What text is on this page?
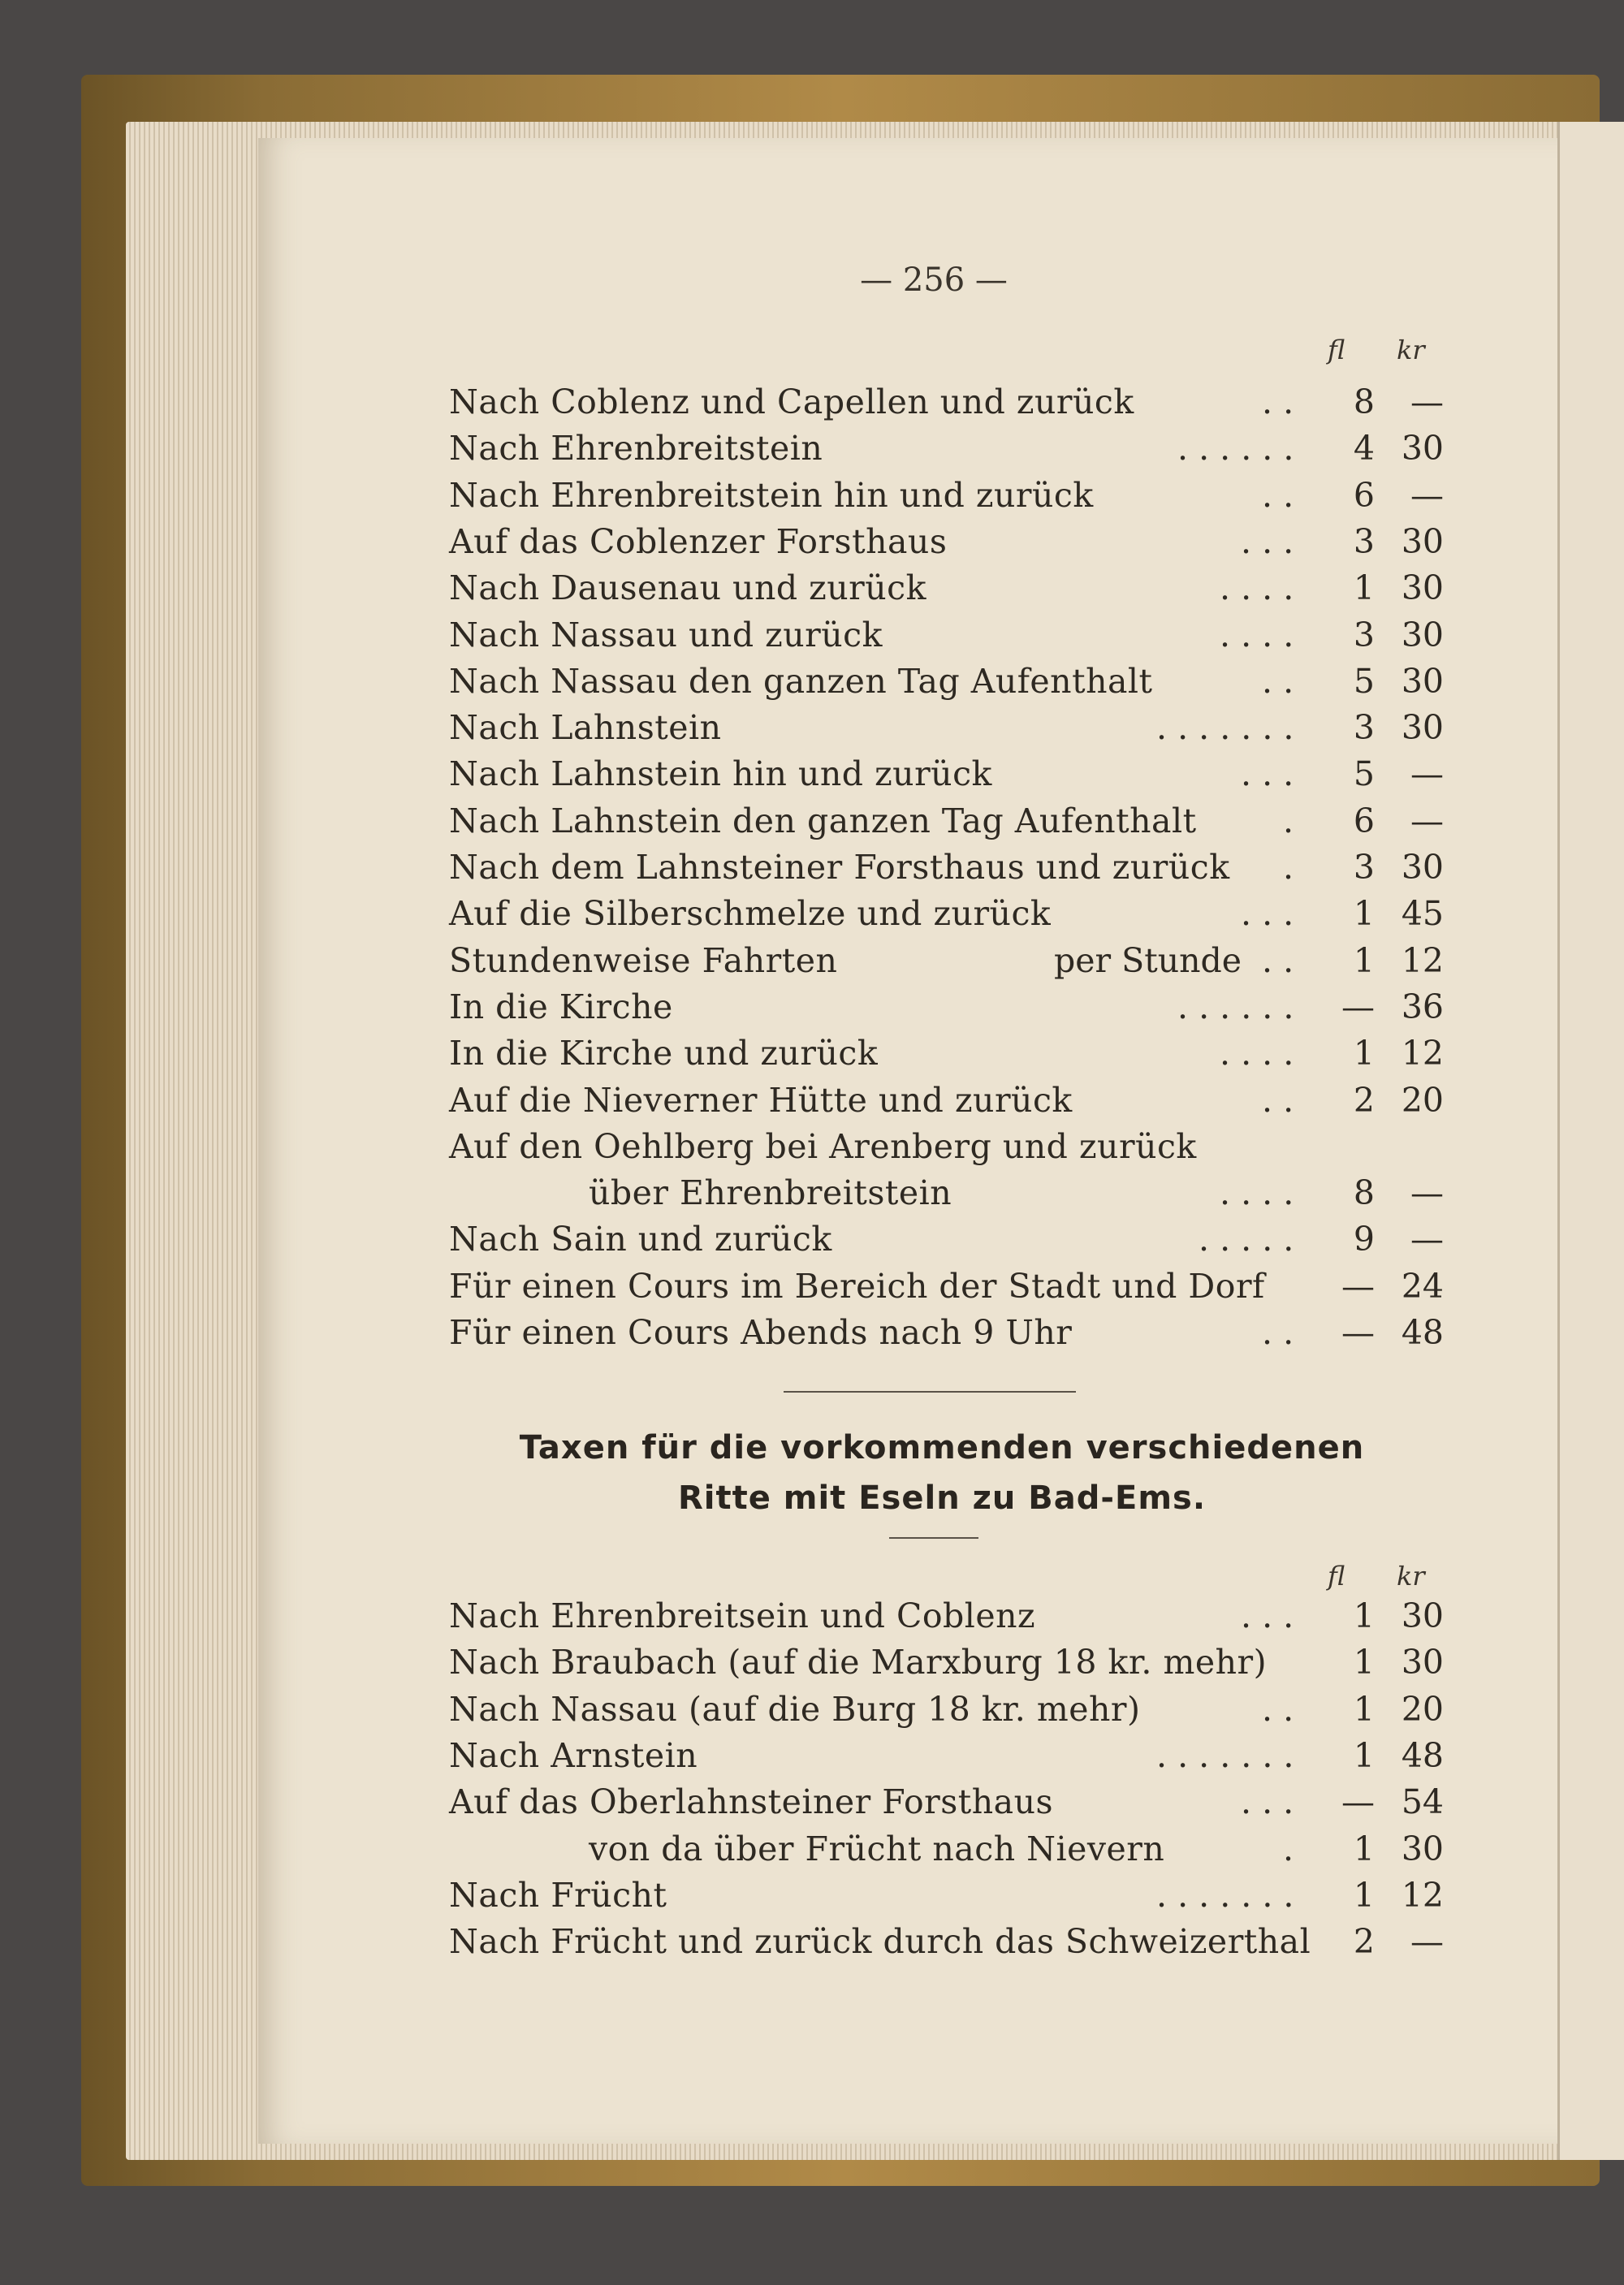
— 256 —
fl kr
Nach Coblenz und Capellen und zurück	. .	8	—
Nach Ehrenbreitstein	. . . . . .	4 30
Nach Ehrenbreitstein hin und zurück	. .	6	—
Auf das Coblenzer Forsthaus	. . .	3 30
Nach Dausenau und zurück	. . . .	1 30
Nach Nassau und zurück	. . . .	3 30
Nach Nassau den ganzen Tag Aufenthalt	. .	5 30
Nach Lahnstein	. . . . . . .	3 30
Nach Lahnstein hin und zurück	. . .	5	—
Nach Lahnstein den ganzen Tag Aufenthalt	.	6	—
Nach dem Lahnsteiner Forsthaus und zurück .	3 30
Auf die Silberschmelze und zurück	. . .	1 45
Stundenweise Fahrten	per Stunde . .	1 12
In die Kirche	. . . . . .	— 36
In die Kirche und zurück	. . . .	1 12
Auf die Nieverner Hütte und zurück	. .	2 20
Auf den Oehlberg bei Arenberg und zurück
über Ehrenbreitstein	. . . .	8	—
Nach Sain und zurück	. . . . .	9	—
Für einen Cours im Bereich der Stadt und Dorf	— 24
Für einen Cours Abends nach 9 Uhr	. .	— 48
Taxen für die vorkommenden verschiedenen
Ritte mit Eseln zu Bad-Ems.
fl kr
Nach Ehrenbreitsein und Coblenz	. . .	1 30
Nach Braubach (auf die Marxburg 18 kr. mehr)	1 30
Nach Nassau (auf die Burg 18 kr. mehr)	. .	1 20
Nach Arnstein	. . . . . . .	1 48
Auf das Oberlahnsteiner Forsthaus	. . .	— 54
von da über Frücht nach Nievern	.	1 30
Nach Frücht	. . . . . . .	1 12
Nach Frücht und zurück durch das Schweizerthal	2	—
